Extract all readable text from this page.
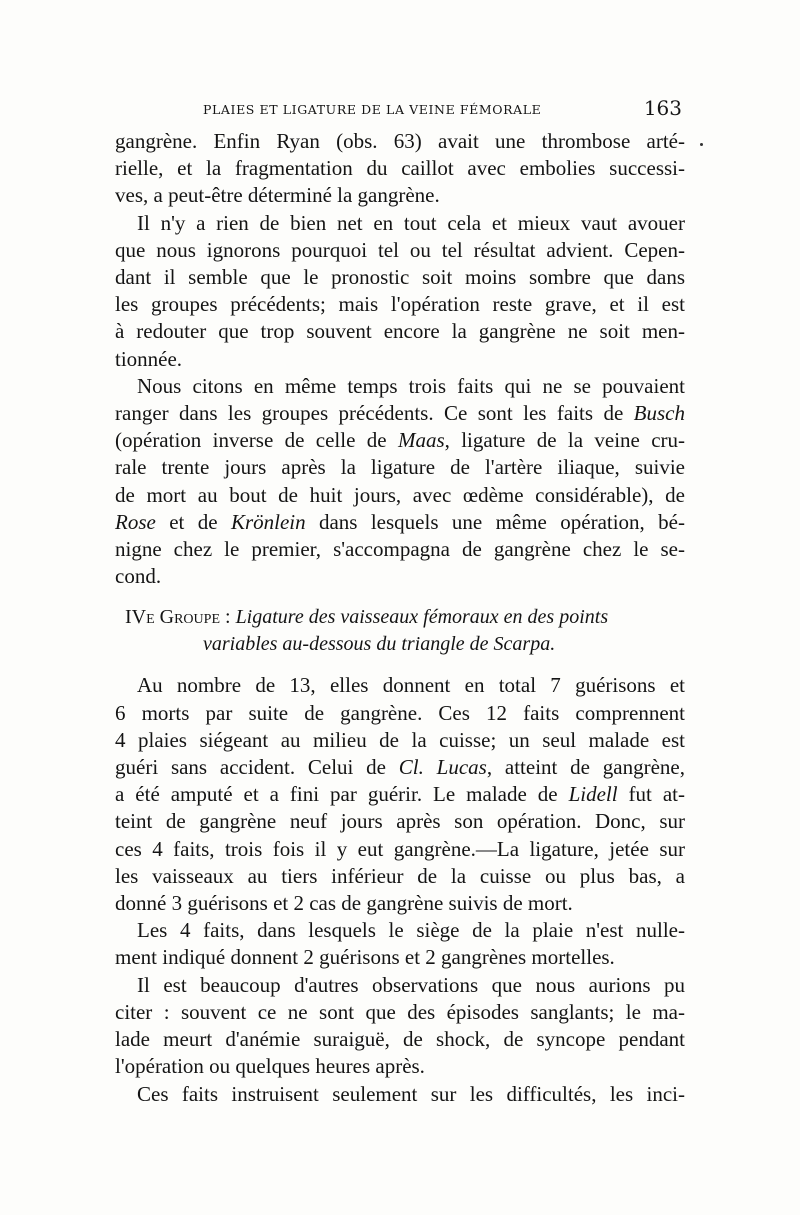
PLAIES ET LIGATURE DE LA VEINE FÉMORALE	163

gangrène. Enfin Ryan (obs. 63) avait une thrombose arté-
rielle, et la fragmentation du caillot avec embolies successi-
ves, a peut-être déterminé la gangrène.

Il n'y a rien de bien net en tout cela et mieux vaut avouer
que nous ignorons pourquoi tel ou tel résultat advient. Cepen-
dant il semble que le pronostic soit moins sombre que dans
les groupes précédents; mais l'opération reste grave, et il est
à redouter que trop souvent encore la gangrène ne soit men-
tionnée.

Nous citons en même temps trois faits qui ne se pouvaient
ranger dans les groupes précédents. Ce sont les faits de Busch
(opération inverse de celle de Maas, ligature de la veine cru-
rale trente jours après la ligature de l'artère iliaque, suivie
de mort au bout de huit jours, avec œdème considérable), de
Rose et de Krönlein dans lesquels une même opération, bé-
nigne chez le premier, s'accompagna de gangrène chez le se-
cond.

IVe Groupe : Ligature des vaisseaux fémoraux en des points
variables au-dessous du triangle de Scarpa.

Au nombre de 13, elles donnent en total 7 guérisons et
6 morts par suite de gangrène. Ces 12 faits comprennent
4 plaies siégeant au milieu de la cuisse; un seul malade est
guéri sans accident. Celui de Cl. Lucas, atteint de gangrène,
a été amputé et a fini par guérir. Le malade de Lidell fut at-
teint de gangrène neuf jours après son opération. Donc, sur
ces 4 faits, trois fois il y eut gangrène.—La ligature, jetée sur
les vaisseaux au tiers inférieur de la cuisse ou plus bas, a
donné 3 guérisons et 2 cas de gangrène suivis de mort.

Les 4 faits, dans lesquels le siège de la plaie n'est nulle-
ment indiqué donnent 2 guérisons et 2 gangrènes mortelles.

Il est beaucoup d'autres observations que nous aurions pu
citer : souvent ce ne sont que des épisodes sanglants; le ma-
lade meurt d'anémie suraiguë, de shock, de syncope pendant
l'opération ou quelques heures après.

Ces faits instruisent seulement sur les difficultés, les inci-
